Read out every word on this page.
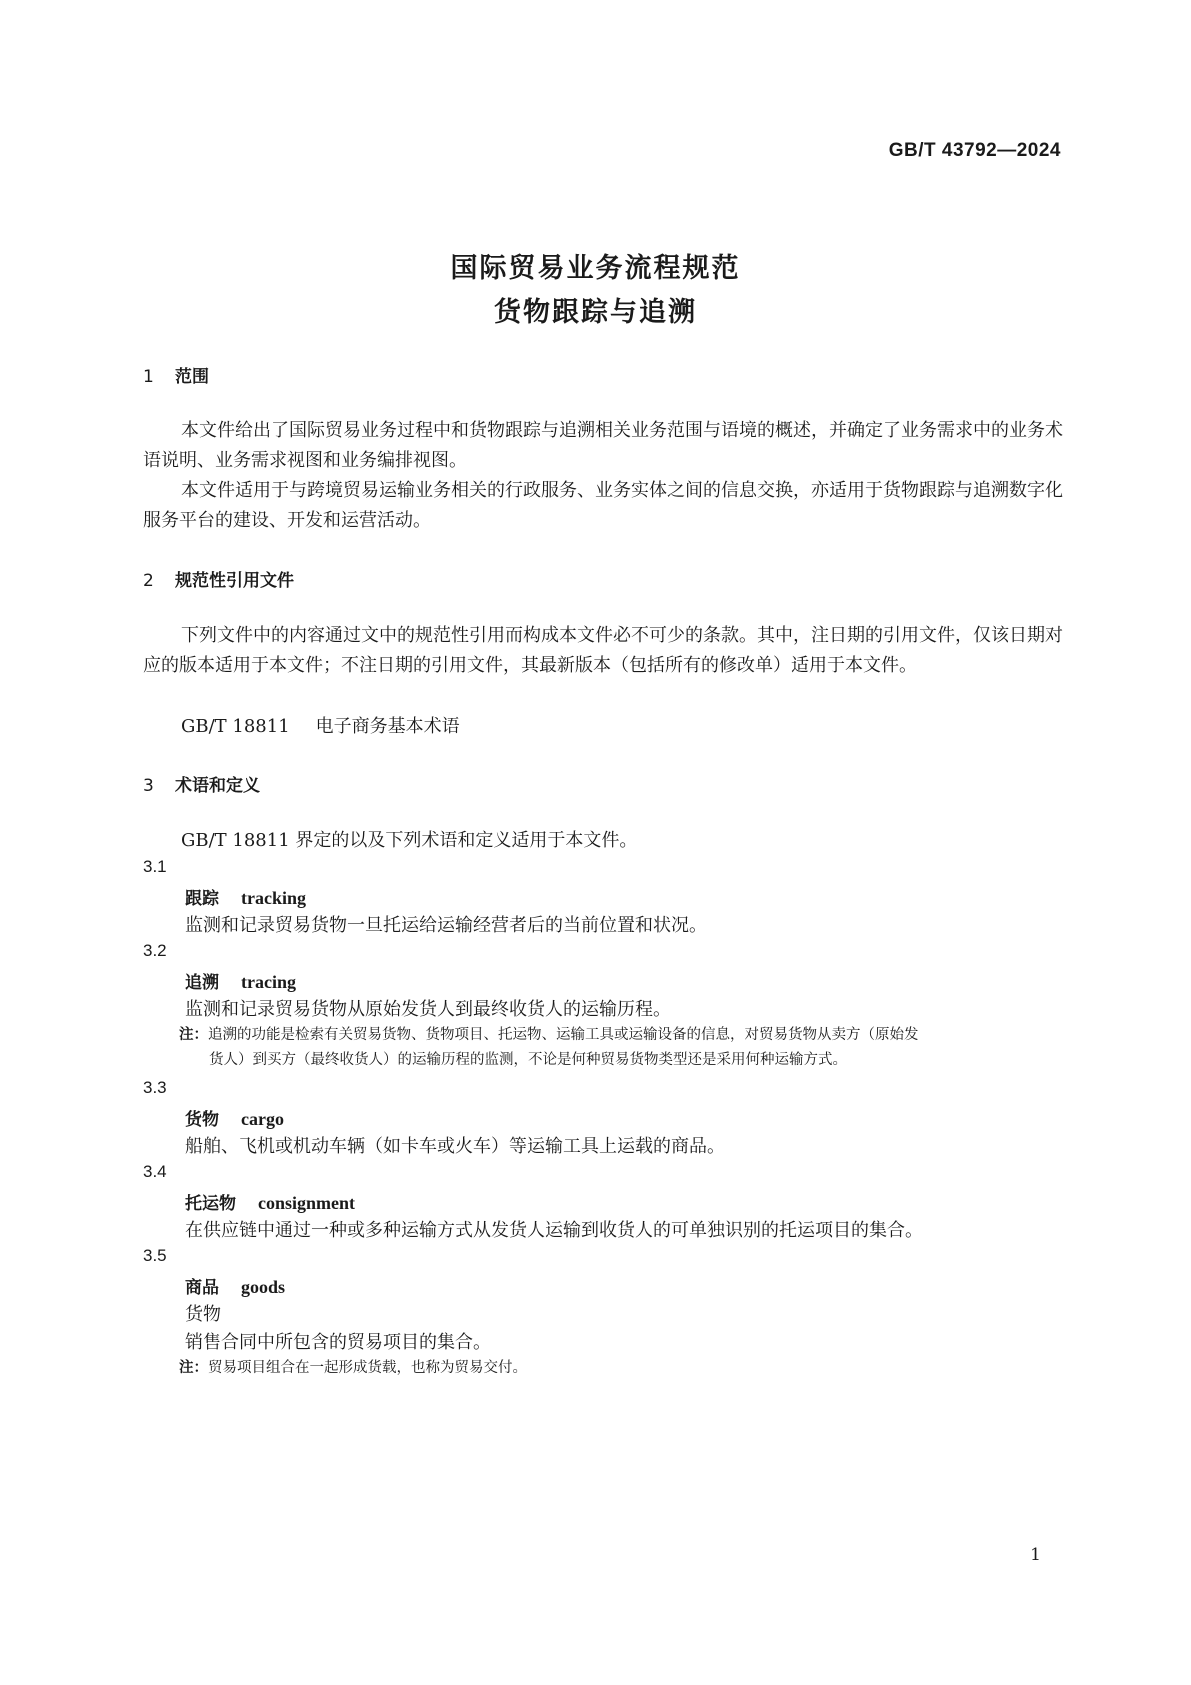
GB/T 43792—2024
国际贸易业务流程规范
货物跟踪与追溯
1 范围
本文件给出了国际贸易业务过程中和货物跟踪与追溯相关业务范围与语境的概述，并确定了业务需求中的业务术语说明、业务需求视图和业务编排视图。
本文件适用于与跨境贸易运输业务相关的行政服务、业务实体之间的信息交换，亦适用于货物跟踪与追溯数字化服务平台的建设、开发和运营活动。
2 规范性引用文件
下列文件中的内容通过文中的规范性引用而构成本文件必不可少的条款。其中，注日期的引用文件，仅该日期对应的版本适用于本文件；不注日期的引用文件，其最新版本（包括所有的修改单）适用于本文件。
GB/T 18811 电子商务基本术语
3 术语和定义
GB/T 18811 界定的以及下列术语和定义适用于本文件。
3.1
跟踪 tracking
监测和记录贸易货物一旦托运给运输经营者后的当前位置和状况。
3.2
追溯 tracing
监测和记录贸易货物从原始发货人到最终收货人的运输历程。
注：追溯的功能是检索有关贸易货物、货物项目、托运物、运输工具或运输设备的信息，对贸易货物从卖方（原始发
货人）到买方（最终收货人）的运输历程的监测，不论是何种贸易货物类型还是采用何种运输方式。
3.3
货物 cargo
船舶、飞机或机动车辆（如卡车或火车）等运输工具上运载的商品。
3.4
托运物 consignment
在供应链中通过一种或多种运输方式从发货人运输到收货人的可单独识别的托运项目的集合。
3.5
商品 goods
货物
销售合同中所包含的贸易项目的集合。
注：贸易项目组合在一起形成货载，也称为贸易交付。
1
